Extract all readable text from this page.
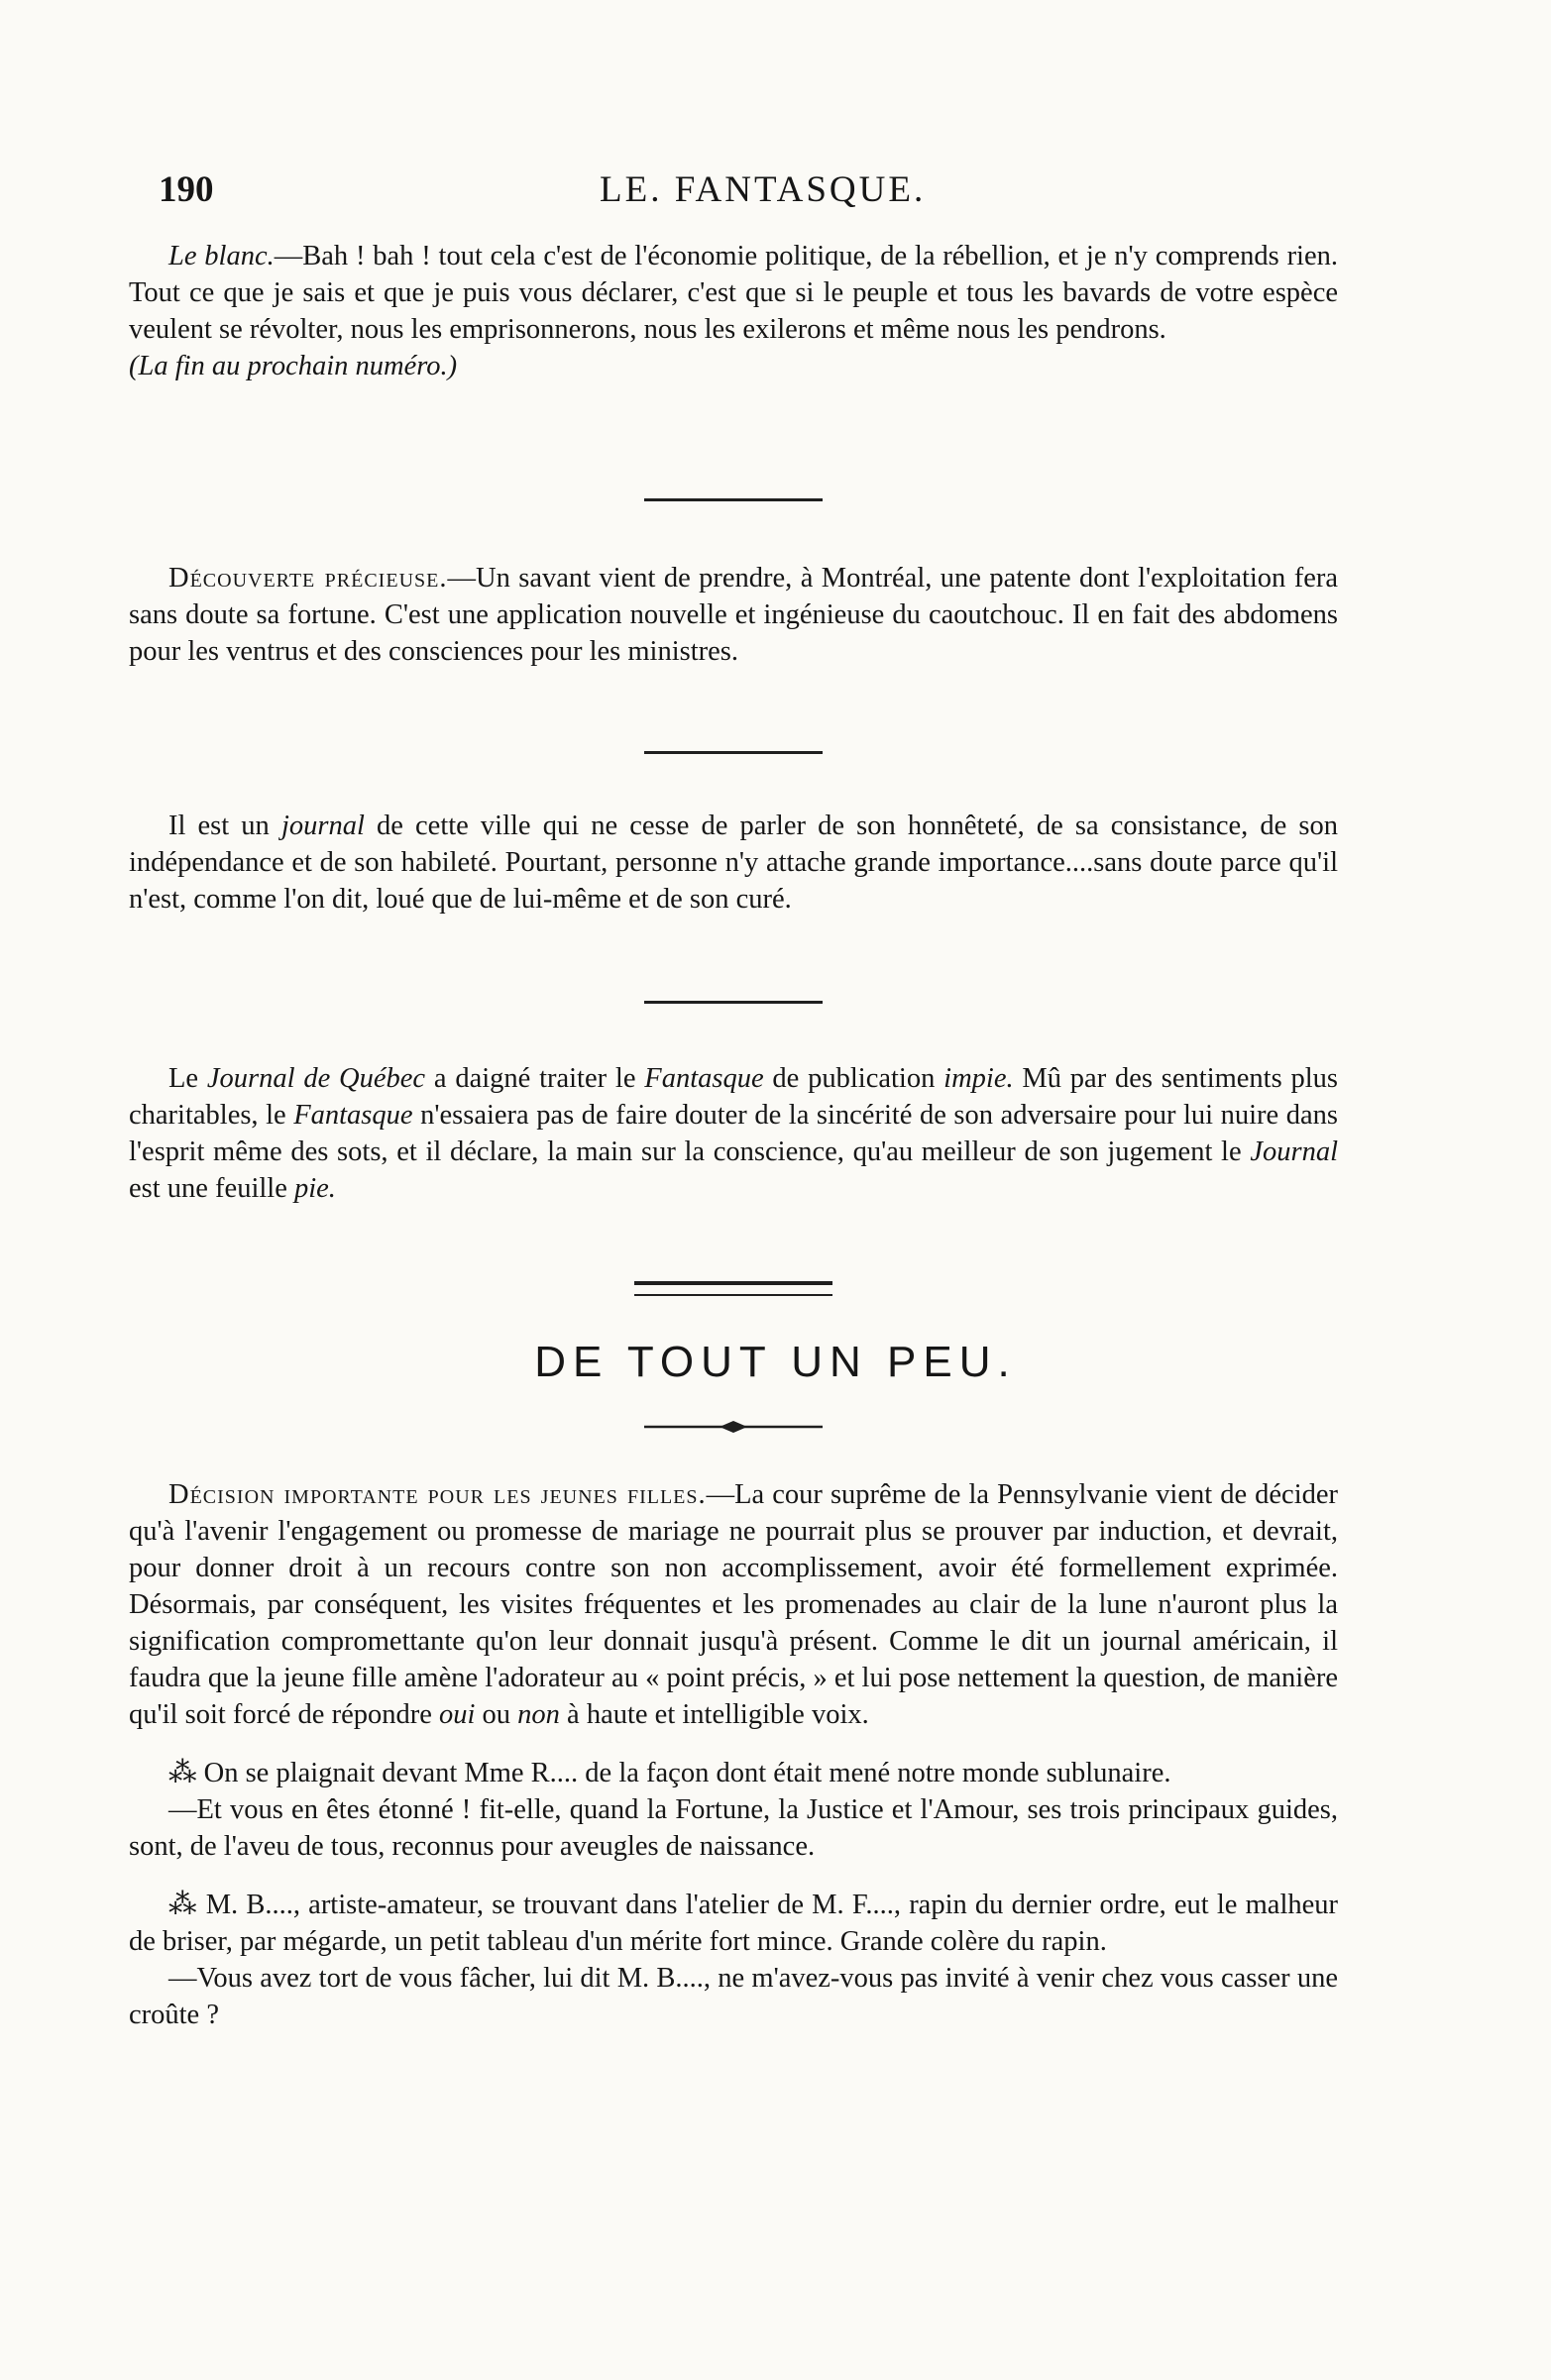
190	LE. FANTASQUE.

Le blanc.—Bah ! bah ! tout cela c'est de l'économie politique, de la rébellion, et je n'y comprends rien. Tout ce que je sais et que je puis vous déclarer, c'est que si le peuple et tous les bavards de votre espèce veulent se révolter, nous les emprisonnerons, nous les exilerons et même nous les pendrons.

(La fin au prochain numéro.)

Découverte précieuse.—Un savant vient de prendre, à Montréal, une patente dont l'exploitation fera sans doute sa fortune. C'est une application nouvelle et ingénieuse du caoutchouc. Il en fait des abdomens pour les ventrus et des consciences pour les ministres.

Il est un journal de cette ville qui ne cesse de parler de son honnêteté, de sa consistance, de son indépendance et de son habileté. Pourtant, personne n'y attache grande importance....sans doute parce qu'il n'est, comme l'on dit, loué que de lui-même et de son curé.

Le Journal de Québec a daigné traiter le Fantasque de publication impie. Mû par des sentiments plus charitables, le Fantasque n'essaiera pas de faire douter de la sincérité de son adversaire pour lui nuire dans l'esprit même des sots, et il déclare, la main sur la conscience, qu'au meilleur de son jugement le Journal est une feuille pie.

DE TOUT UN PEU.

Décision importante pour les jeunes filles.—La cour suprême de la Pennsylvanie vient de décider qu'à l'avenir l'engagement ou promesse de mariage ne pourrait plus se prouver par induction, et devrait, pour donner droit à un recours contre son non accomplissement, avoir été formellement exprimée. Désormais, par conséquent, les visites fréquentes et les promenades au clair de la lune n'auront plus la signification compromettante qu'on leur donnait jusqu'à présent. Comme le dit un journal américain, il faudra que la jeune fille amène l'adorateur au « point précis, » et lui pose nettement la question, de manière qu'il soit forcé de répondre oui ou non à haute et intelligible voix.

⁂ On se plaignait devant Mme R.... de la façon dont était mené notre monde sublunaire.

—Et vous en êtes étonné ! fit-elle, quand la Fortune, la Justice et l'Amour, ses trois principaux guides, sont, de l'aveu de tous, reconnus pour aveugles de naissance.

⁂ M. B...., artiste-amateur, se trouvant dans l'atelier de M. F...., rapin du dernier ordre, eut le malheur de briser, par mégarde, un petit tableau d'un mérite fort mince. Grande colère du rapin.

—Vous avez tort de vous fâcher, lui dit M. B...., ne m'avez-vous pas invité à venir chez vous casser une croûte ?
